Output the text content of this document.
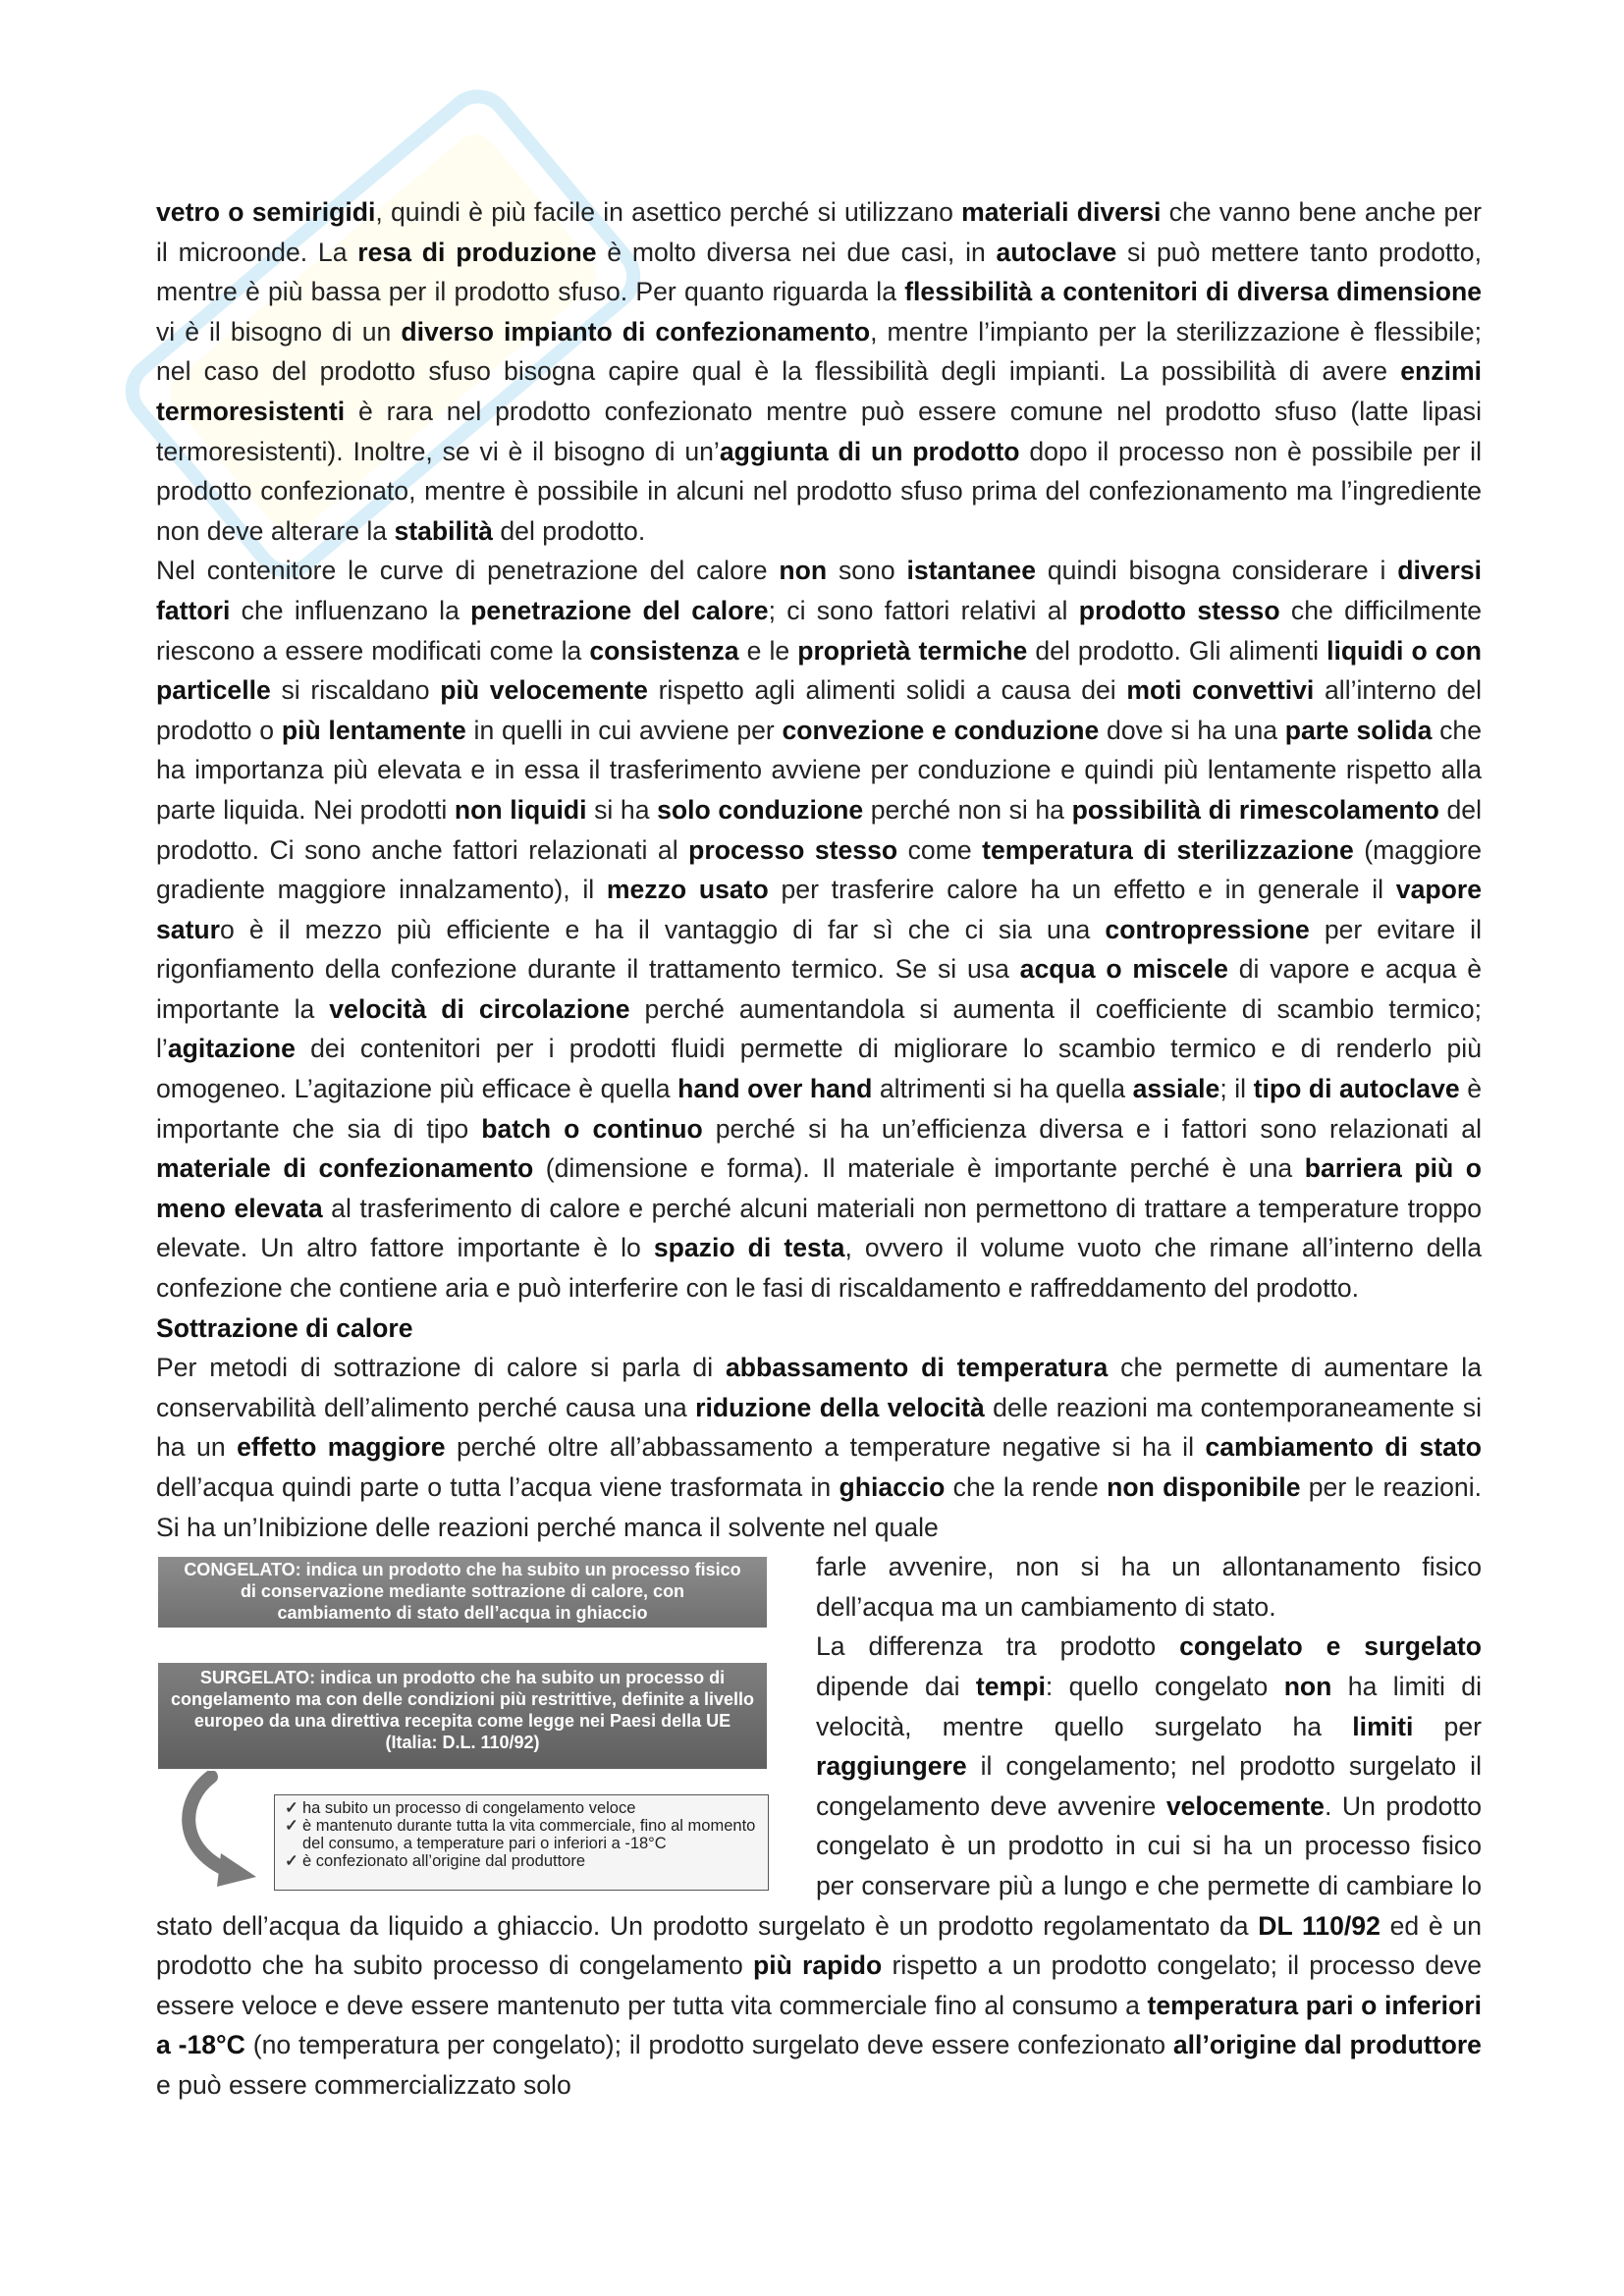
vetro o semirigidi, quindi è più facile in asettico perché si utilizzano materiali diversi che vanno bene anche per il microonde. La resa di produzione è molto diversa nei due casi, in autoclave si può mettere tanto prodotto, mentre è più bassa per il prodotto sfuso. Per quanto riguarda la flessibilità a contenitori di diversa dimensione vi è il bisogno di un diverso impianto di confezionamento, mentre l’impianto per la sterilizzazione è flessibile; nel caso del prodotto sfuso bisogna capire qual è la flessibilità degli impianti. La possibilità di avere enzimi termoresistenti è rara nel prodotto confezionato mentre può essere comune nel prodotto sfuso (latte lipasi termoresistenti). Inoltre, se vi è il bisogno di un’aggiunta di un prodotto dopo il processo non è possibile per il prodotto confezionato, mentre è possibile in alcuni nel prodotto sfuso prima del confezionamento ma l’ingrediente non deve alterare la stabilità del prodotto.

Nel contenitore le curve di penetrazione del calore non sono istantanee quindi bisogna considerare i diversi fattori che influenzano la penetrazione del calore; ci sono fattori relativi al prodotto stesso che difficilmente riescono a essere modificati come la consistenza e le proprietà termiche del prodotto. Gli alimenti liquidi o con particelle si riscaldano più velocemente rispetto agli alimenti solidi a causa dei moti convettivi all’interno del prodotto o più lentamente in quelli in cui avviene per convezione e conduzione dove si ha una parte solida che ha importanza più elevata e in essa il trasferimento avviene per conduzione e quindi più lentamente rispetto alla parte liquida. Nei prodotti non liquidi si ha solo conduzione perché non si ha possibilità di rimescolamento del prodotto. Ci sono anche fattori relazionati al processo stesso come temperatura di sterilizzazione (maggiore gradiente maggiore innalzamento), il mezzo usato per trasferire calore ha un effetto e in generale il vapore saturo è il mezzo più efficiente e ha il vantaggio di far sì che ci sia una contropressione per evitare il rigonfiamento della confezione durante il trattamento termico. Se si usa acqua o miscele di vapore e acqua è importante la velocità di circolazione perché aumentandola si aumenta il coefficiente di scambio termico; l’agitazione dei contenitori per i prodotti fluidi permette di migliorare lo scambio termico e di renderlo più omogeneo. L’agitazione più efficace è quella hand over hand altrimenti si ha quella assiale; il tipo di autoclave è importante che sia di tipo batch o continuo perché si ha un’efficienza diversa e i fattori sono relazionati al materiale di confezionamento (dimensione e forma). Il materiale è importante perché è una barriera più o meno elevata al trasferimento di calore e perché alcuni materiali non permettono di trattare a temperature troppo elevate. Un altro fattore importante è lo spazio di testa, ovvero il volume vuoto che rimane all’interno della confezione che contiene aria e può interferire con le fasi di riscaldamento e raffreddamento del prodotto.

Sottrazione di calore

Per metodi di sottrazione di calore si parla di abbassamento di temperatura che permette di aumentare la conservabilità dell’alimento perché causa una riduzione della velocità delle reazioni ma contemporaneamente si ha un effetto maggiore perché oltre all’abbassamento a temperature negative si ha il cambiamento di stato dell’acqua quindi parte o tutta l’acqua viene trasformata in ghiaccio che la rende non disponibile per le reazioni. Si ha un’Inibizione delle reazioni perché manca il solvente nel quale

CONGELATO: indica un prodotto che ha subito un processo fisico
di conservazione mediante sottrazione di calore, con
cambiamento di stato dell’acqua in ghiaccio
SURGELATO: indica un prodotto che ha subito un processo di
congelamento ma con delle condizioni più restrittive, definite a livello
europeo da una direttiva recepita come legge nei Paesi della UE
(Italia: D.L. 110/92)
✓ ha subito un processo di congelamento veloce
✓ è mantenuto durante tutta la vita commerciale, fino al momento del consumo, a temperature pari o inferiori a -18°C
✓ è confezionato all’origine dal produttore

farle avvenire, non si ha un allontanamento fisico dell’acqua ma un cambiamento di stato.

La differenza tra prodotto congelato e surgelato dipende dai tempi: quello congelato non ha limiti di velocità, mentre quello surgelato ha limiti per raggiungere il congelamento; nel prodotto surgelato il congelamento deve avvenire velocemente. Un prodotto congelato è un prodotto in cui si ha un processo fisico per conservare più a lungo e che permette di cambiare lo stato dell’acqua da liquido a ghiaccio. Un prodotto surgelato è un prodotto regolamentato da DL 110/92 ed è un prodotto che ha subito processo di congelamento più rapido rispetto a un prodotto congelato; il processo deve essere veloce e deve essere mantenuto per tutta vita commerciale fino al consumo a temperatura pari o inferiori a -18°C (no temperatura per congelato); il prodotto surgelato deve essere confezionato all’origine dal produttore e può essere commercializzato solo
